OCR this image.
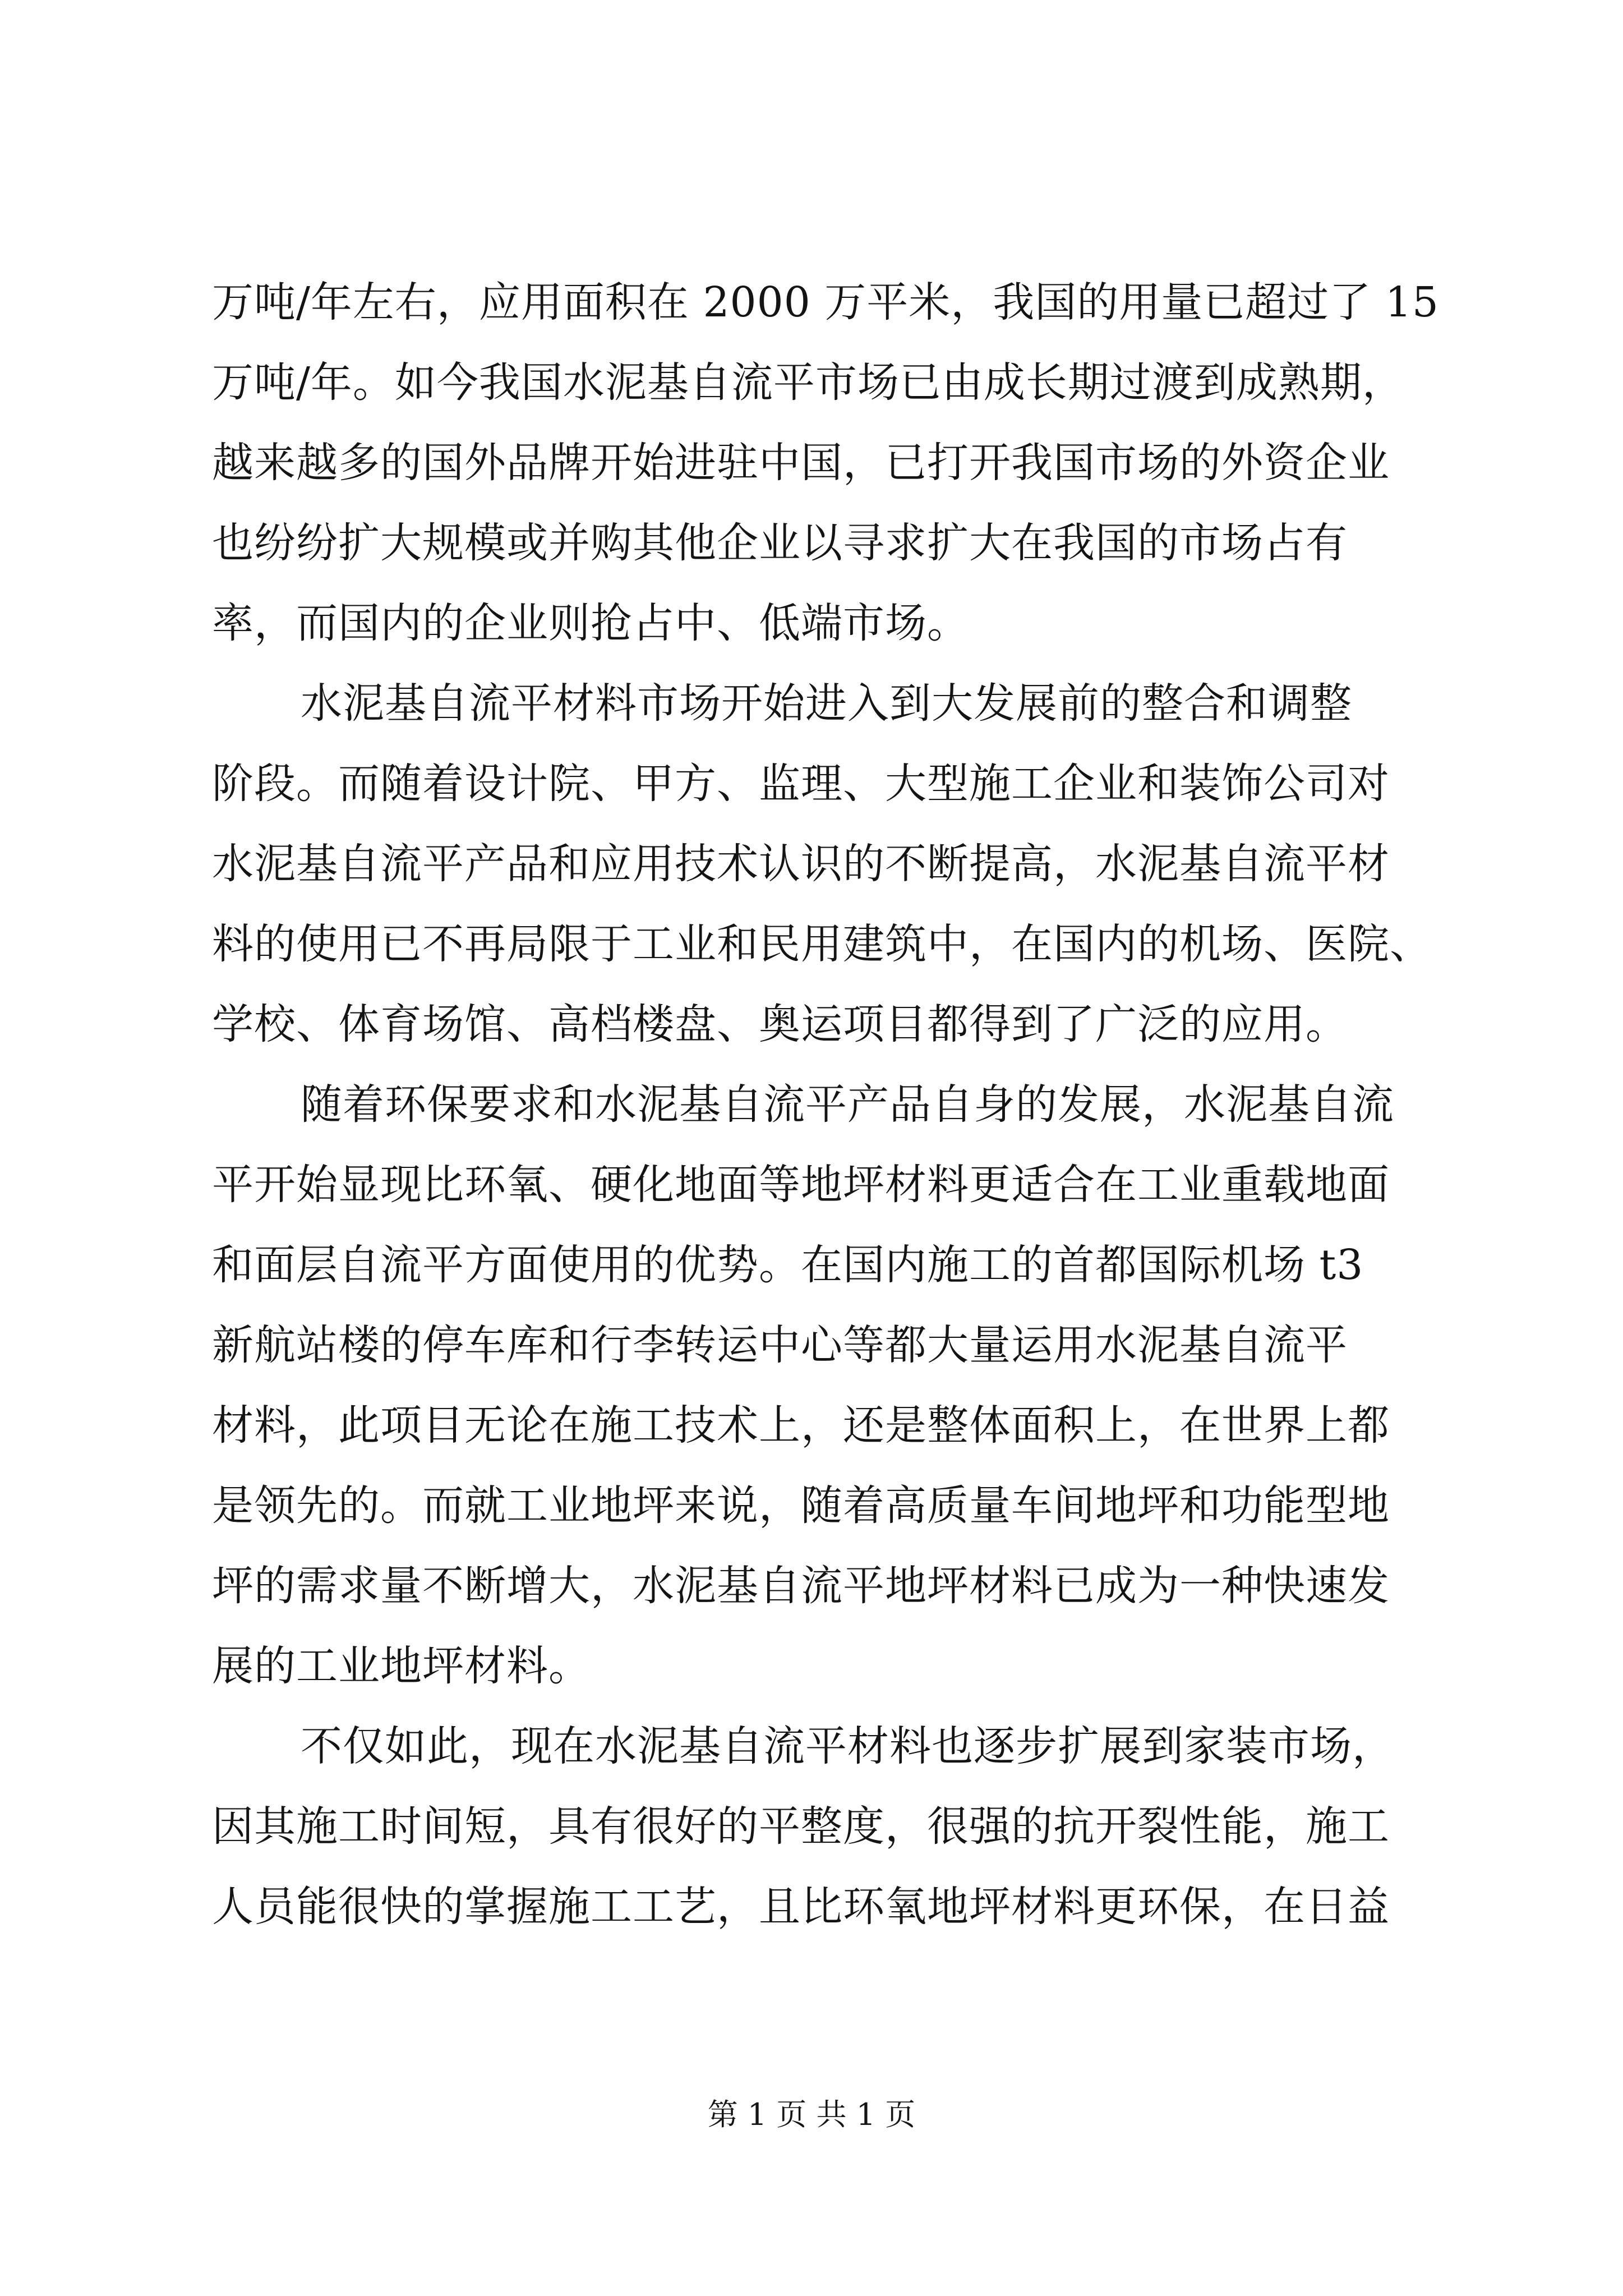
万吨/年左右，应用面积在 2000 万平米，我国的用量已超过了 15
万吨/年。如今我国水泥基自流平市场已由成长期过渡到成熟期，
越来越多的国外品牌开始进驻中国，已打开我国市场的外资企业
也纷纷扩大规模或并购其他企业以寻求扩大在我国的市场占有
率，而国内的企业则抢占中、低端市场。
水泥基自流平材料市场开始进入到大发展前的整合和调整
阶段。而随着设计院、甲方、监理、大型施工企业和装饰公司对
水泥基自流平产品和应用技术认识的不断提高，水泥基自流平材
料的使用已不再局限于工业和民用建筑中，在国内的机场、医院、
学校、体育场馆、高档楼盘、奥运项目都得到了广泛的应用。
随着环保要求和水泥基自流平产品自身的发展，水泥基自流
平开始显现比环氧、硬化地面等地坪材料更适合在工业重载地面
和面层自流平方面使用的优势。在国内施工的首都国际机场 t3
新航站楼的停车库和行李转运中心等都大量运用水泥基自流平
材料，此项目无论在施工技术上，还是整体面积上，在世界上都
是领先的。而就工业地坪来说，随着高质量车间地坪和功能型地
坪的需求量不断增大，水泥基自流平地坪材料已成为一种快速发
展的工业地坪材料。
不仅如此，现在水泥基自流平材料也逐步扩展到家装市场，
因其施工时间短，具有很好的平整度，很强的抗开裂性能，施工
人员能很快的掌握施工工艺，且比环氧地坪材料更环保，在日益
第 1 页 共 1 页
